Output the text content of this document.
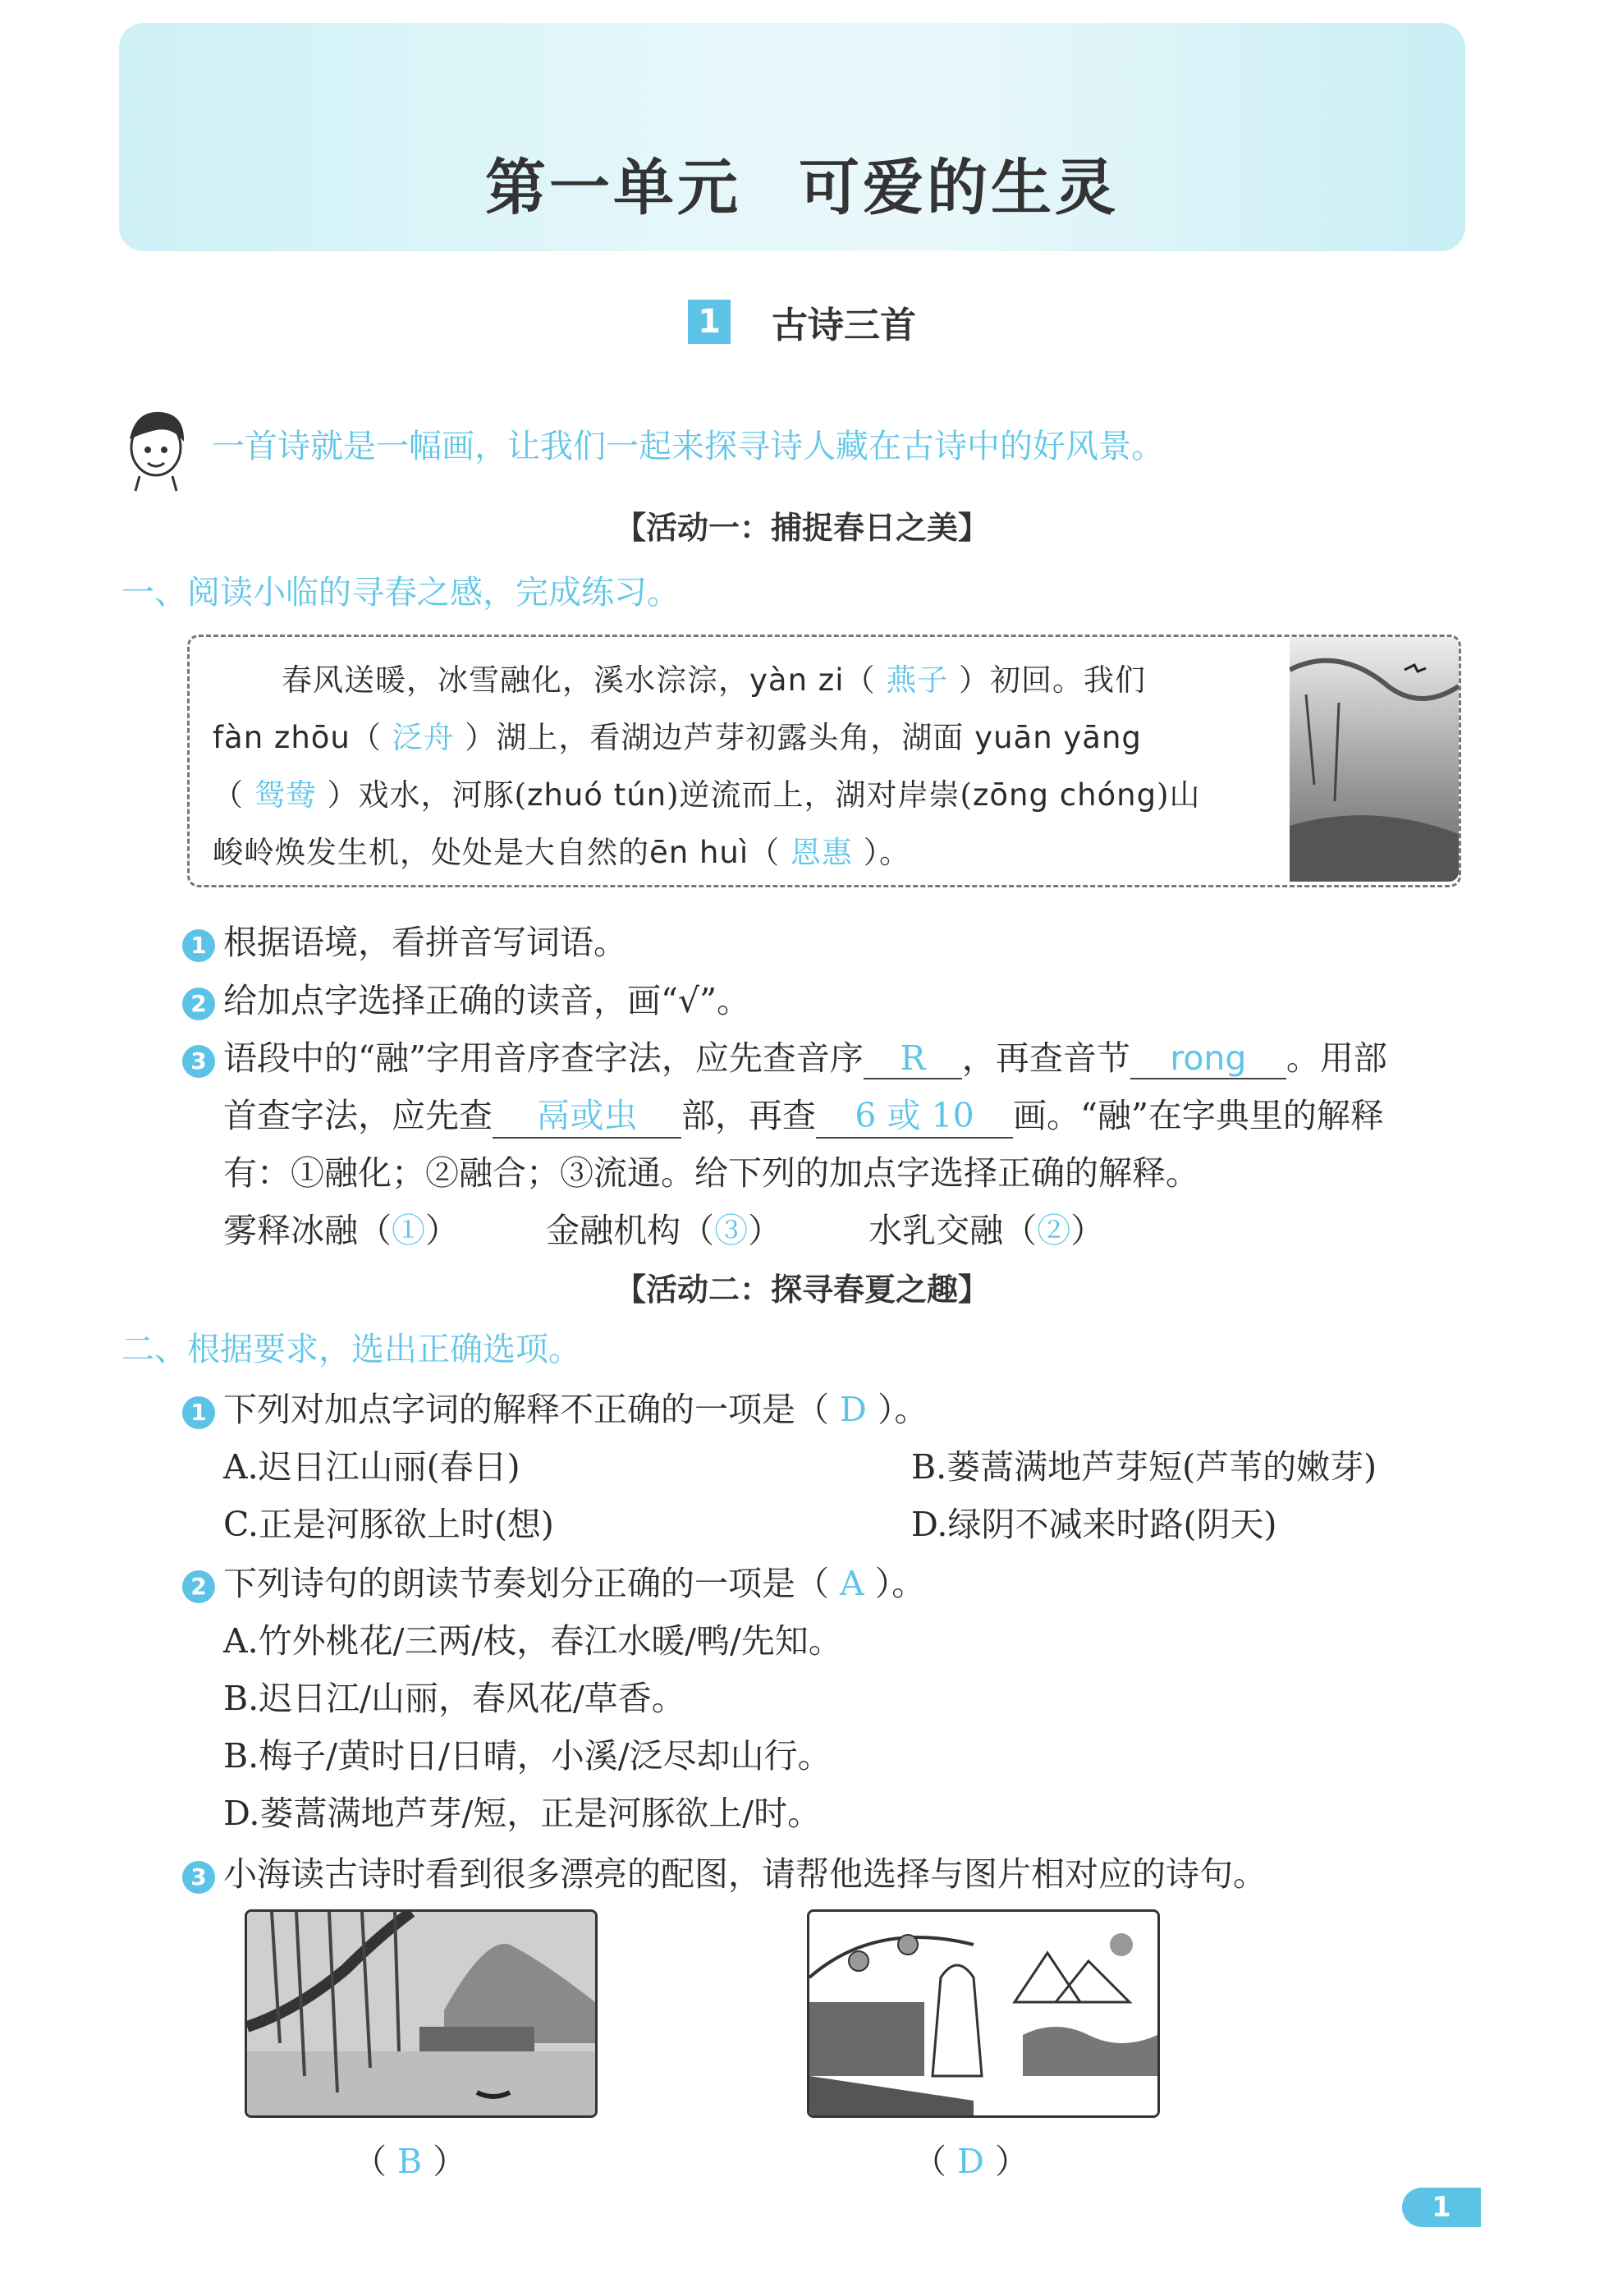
第一单元 可爱的生灵
1 古诗三首
一首诗就是一幅画，让我们一起来探寻诗人藏在古诗中的好风景。
【活动一：捕捉春日之美】
一、阅读小临的寻春之感，完成练习。
春风送暖，冰雪融化，溪水淙淙，yàn zi（ 燕子 ）初回。我们
fàn zhōu（ 泛舟 ）湖上，看湖边芦芽初露头角，湖面 yuān yāng
（ 鸳鸯 ）戏水，河豚(zhuó tún)逆流而上，湖对岸崇(zōng chóng)山
峻岭焕发生机，处处是大自然的ēn huì（ 恩惠 ）。
1 根据语境，看拼音写词语。
2 给加点字选择正确的读音，画“√”。
3 语段中的“融”字用音序查字法，应先查音序 R ，再查音节 rong 。用部
首查字法，应先查 鬲或虫 部，再查 6 或 10 画。“融”在字典里的解释
有：①融化；②融合；③流通。给下列的加点字选择正确的解释。
雾释冰融（①）	金融机构（③）	水乳交融（②）
【活动二：探寻春夏之趣】
二、根据要求，选出正确选项。
1 下列对加点字词的解释不正确的一项是（ D ）。
A.迟日江山丽(春日)	B.蒌蒿满地芦芽短(芦苇的嫩芽)
C.正是河豚欲上时(想)	D.绿阴不减来时路(阴天)
2 下列诗句的朗读节奏划分正确的一项是（ A ）。
A.竹外桃花/三两/枝，春江水暖/鸭/先知。
B.迟日江/山丽，春风花/草香。
B.梅子/黄时日/日晴，小溪/泛尽却山行。
D.蒌蒿满地芦芽/短，正是河豚欲上/时。
3 小海读古诗时看到很多漂亮的配图，请帮他选择与图片相对应的诗句。
（ B ）	（ D ）
1
